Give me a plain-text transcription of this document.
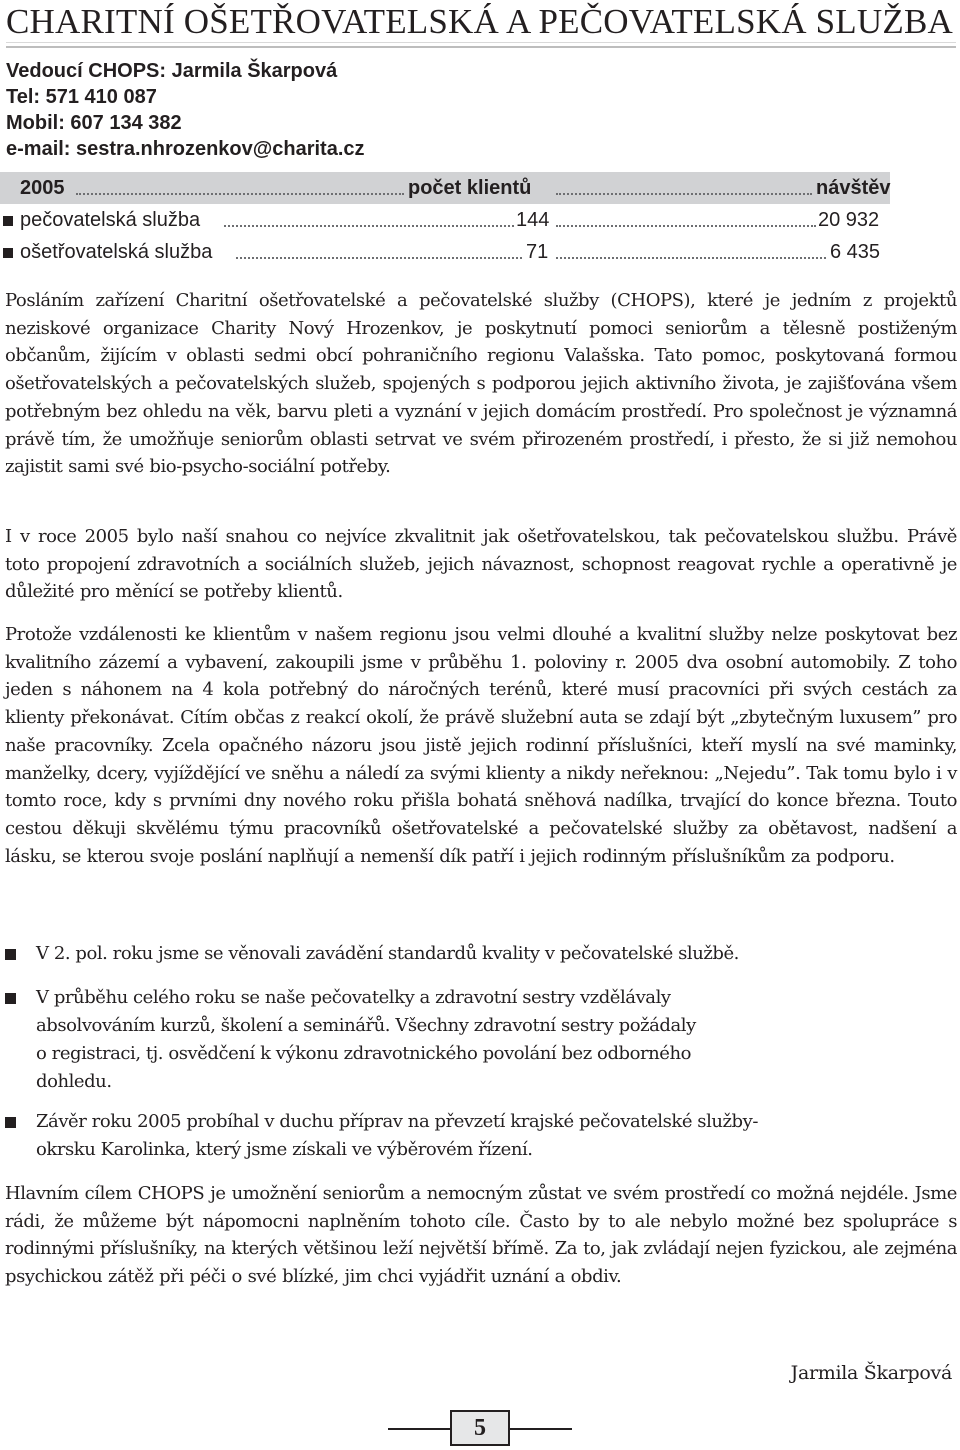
CHARITNÍ OŠETŘOVATELSKÁ A PEČOVATELSKÁ SLUŽBA
Vedoucí CHOPS: Jarmila Škarpová
Tel: 571 410 087
Mobil: 607 134 382
e-mail: sestra.nhrozenkov@charita.cz
2005	počet klientů	návštěv
pečovatelská služba	144	20 932
ošetřovatelská služba	71	6 435
Posláním zařízení Charitní ošetřovatelské a pečovatelské služby (CHOPS), které je jedním z projektů neziskové organizace Charity Nový Hrozenkov, je poskytnutí pomoci seniorům a tělesně postiženým občanům, žijícím v oblasti sedmi obcí pohraničního regionu Valašska. Tato pomoc, poskytovaná formou ošetřovatelských a pečovatelských služeb, spojených s podporou jejich aktivního života, je zajišťována všem potřebným bez ohledu na věk, barvu pleti a vyznání v jejich domácím prostředí. Pro společnost je významná právě tím, že umožňuje seniorům oblasti setrvat ve svém přirozeném prostředí, i přesto, že si již nemohou zajistit sami své bio-psycho-sociální potřeby.
I v roce 2005 bylo naší snahou co nejvíce zkvalitnit jak ošetřovatelskou, tak pečovatelskou službu. Právě toto propojení zdravotních a sociálních služeb, jejich návaznost, schopnost reagovat rychle a operativně je důležité pro měnící se potřeby klientů.
Protože vzdálenosti ke klientům v našem regionu jsou velmi dlouhé a kvalitní služby nelze poskytovat bez kvalitního zázemí a vybavení, zakoupili jsme v průběhu 1. poloviny r. 2005 dva osobní automobily. Z toho jeden s náhonem na 4 kola potřebný do náročných terénů, které musí pracovníci při svých cestách za klienty překonávat. Cítím občas z reakcí okolí, že právě služební auta se zdají být „zbytečným luxusem” pro naše pracovníky. Zcela opačného názoru jsou jistě jejich rodinní příslušníci, kteří myslí na své maminky, manželky, dcery, vyjíždějící ve sněhu a náledí za svými klienty a nikdy neřeknou: „Nejedu”. Tak tomu bylo i v tomto roce, kdy s prvními dny nového roku přišla bohatá sněhová nadílka, trvající do konce března. Touto cestou děkuji skvělému týmu pracovníků ošetřovatelské a pečovatelské služby za obětavost, nadšení a lásku, se kterou svoje poslání naplňují a nemenší dík patří i jejich rodinným příslušníkům za podporu.
V 2. pol. roku jsme se věnovali zavádění standardů kvality v pečovatelské službě.
V průběhu celého roku se naše pečovatelky a zdravotní sestry vzdělávaly
absolvováním kurzů, školení a seminářů. Všechny zdravotní sestry požádaly
o registraci, tj. osvědčení k výkonu zdravotnického povolání bez odborného
dohledu.
Závěr roku 2005 probíhal v duchu příprav na převzetí krajské pečovatelské služby-
okrsku Karolinka, který jsme získali ve výběrovém řízení.
Hlavním cílem CHOPS je umožnění seniorům a nemocným zůstat ve svém prostředí co možná nejdéle. Jsme rádi, že můžeme být nápomocni naplněním tohoto cíle. Často by to ale nebylo možné bez spolupráce s rodinnými příslušníky, na kterých většinou leží největší břímě. Za to, jak zvládají nejen fyzickou, ale zejména psychickou zátěž při péči o své blízké, jim chci vyjádřit uznání a obdiv.
Jarmila Škarpová
5
